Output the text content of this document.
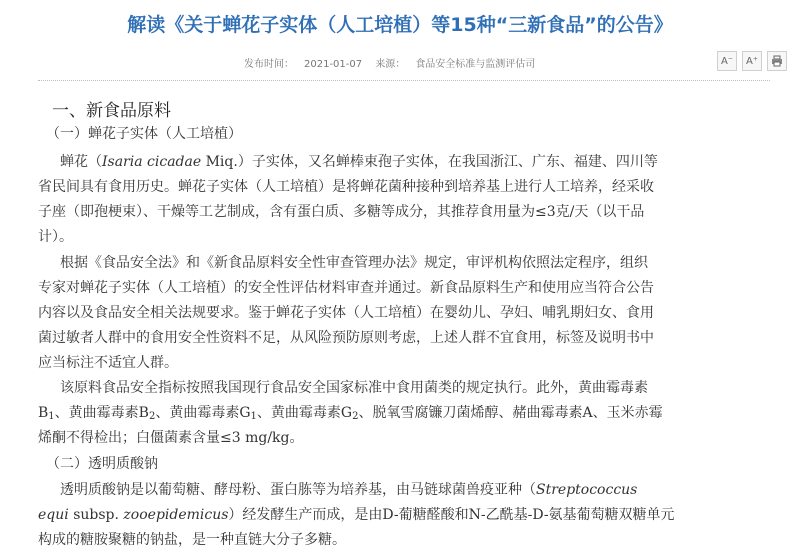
解读《关于蝉花子实体（人工培植）等15种“三新食品”的公告》
发布时间： 2021-01-07 来源： 食品安全标准与监测评估司	A⁻	A⁺
一、新食品原料
（一）蝉花子实体（人工培植）
蝉花（Isaria cicadae Miq.）子实体，又名蝉棒束孢子实体，在我国浙江、广东、福建、四川等
省民间具有食用历史。蝉花子实体（人工培植）是将蝉花菌种接种到培养基上进行人工培养，经采收
子座（即孢梗束）、干燥等工艺制成，含有蛋白质、多糖等成分，其推荐食用量为≤3克/天（以干品
计）。
根据《食品安全法》和《新食品原料安全性审查管理办法》规定，审评机构依照法定程序，组织
专家对蝉花子实体（人工培植）的安全性评估材料审查并通过。新食品原料生产和使用应当符合公告
内容以及食品安全相关法规要求。鉴于蝉花子实体（人工培植）在婴幼儿、孕妇、哺乳期妇女、食用
菌过敏者人群中的食用安全性资料不足，从风险预防原则考虑，上述人群不宜食用，标签及说明书中
应当标注不适宜人群。
该原料食品安全指标按照我国现行食品安全国家标准中食用菌类的规定执行。此外，黄曲霉毒素
$B_1$、黄曲霉毒素$B_2$、黄曲霉毒素$G_1$、黄曲霉毒素$G_2$、脱氧雪腐镰刀菌烯醇、赭曲霉毒素A、玉米赤霉
烯酮不得检出；白僵菌素含量≤3 mg/kg。
（二）透明质酸钠
透明质酸钠是以葡萄糖、酵母粉、蛋白胨等为培养基，由马链球菌兽疫亚种（Streptococcus
equi subsp. zooepidemicus）经发酵生产而成，是由D-葡糖醛酸和N-乙酰基-D-氨基葡萄糖双糖单元
构成的糖胺聚糖的钠盐，是一种直链大分子多糖。
